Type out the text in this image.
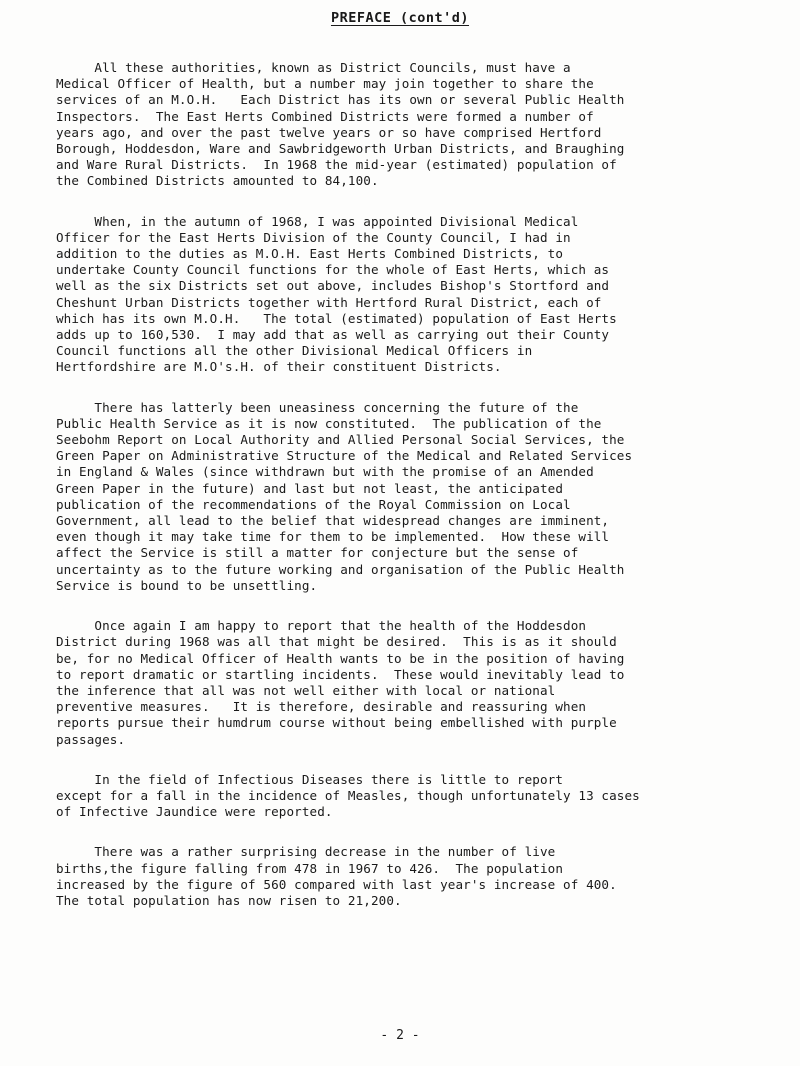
PREFACE (cont'd)

All these authorities, known as District Councils, must have a
Medical Officer of Health, but a number may join together to share the
services of an M.O.H.   Each District has its own or several Public Health
Inspectors.  The East Herts Combined Districts were formed a number of
years ago, and over the past twelve years or so have comprised Hertford
Borough, Hoddesdon, Ware and Sawbridgeworth Urban Districts, and Braughing
and Ware Rural Districts.  In 1968 the mid-year (estimated) population of
the Combined Districts amounted to 84,100.

When, in the autumn of 1968, I was appointed Divisional Medical
Officer for the East Herts Division of the County Council, I had in
addition to the duties as M.O.H. East Herts Combined Districts, to
undertake County Council functions for the whole of East Herts, which as
well as the six Districts set out above, includes Bishop's Stortford and
Cheshunt Urban Districts together with Hertford Rural District, each of
which has its own M.O.H.   The total (estimated) population of East Herts
adds up to 160,530.  I may add that as well as carrying out their County
Council functions all the other Divisional Medical Officers in
Hertfordshire are M.O's.H. of their constituent Districts.

There has latterly been uneasiness concerning the future of the
Public Health Service as it is now constituted.  The publication of the
Seebohm Report on Local Authority and Allied Personal Social Services, the
Green Paper on Administrative Structure of the Medical and Related Services
in England & Wales (since withdrawn but with the promise of an Amended
Green Paper in the future) and last but not least, the anticipated
publication of the recommendations of the Royal Commission on Local
Government, all lead to the belief that widespread changes are imminent,
even though it may take time for them to be implemented.  How these will
affect the Service is still a matter for conjecture but the sense of
uncertainty as to the future working and organisation of the Public Health
Service is bound to be unsettling.

Once again I am happy to report that the health of the Hoddesdon
District during 1968 was all that might be desired.  This is as it should
be, for no Medical Officer of Health wants to be in the position of having
to report dramatic or startling incidents.  These would inevitably lead to
the inference that all was not well either with local or national
preventive measures.   It is therefore, desirable and reassuring when
reports pursue their humdrum course without being embellished with purple
passages.

In the field of Infectious Diseases there is little to report
except for a fall in the incidence of Measles, though unfortunately 13 cases
of Infective Jaundice were reported.

There was a rather surprising decrease in the number of live
births,the figure falling from 478 in 1967 to 426.  The population
increased by the figure of 560 compared with last year's increase of 400.
The total population has now risen to 21,200.

- 2 -
